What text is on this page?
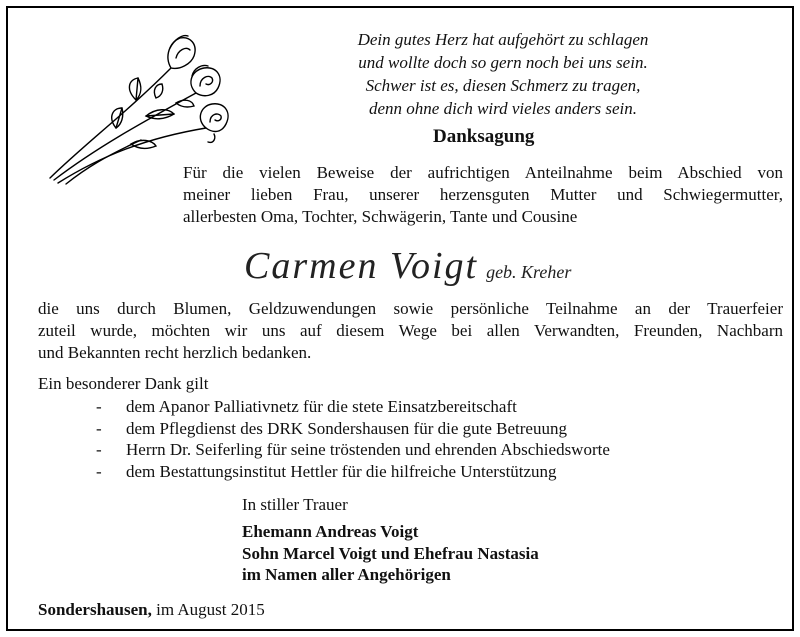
Dein gutes Herz hat aufgehört zu schlagen
und wollte doch so gern noch bei uns sein.
Schwer ist es, diesen Schmerz zu tragen,
denn ohne dich wird vieles anders sein.
Danksagung
Für die vielen Beweise der aufrichtigen Anteilnahme beim Abschied von
meiner lieben Frau, unserer herzensguten Mutter und Schwiegermutter,
allerbesten Oma, Tochter, Schwägerin, Tante und Cousine
Carmen Voigt geb. Kreher
die uns durch Blumen, Geldzuwendungen sowie persönliche Teilnahme an der Trauerfeier
zuteil wurde, möchten wir uns auf diesem Wege bei allen Verwandten, Freunden, Nachbarn
und Bekannten recht herzlich bedanken.
Ein besonderer Dank gilt
- dem Apanor Palliativnetz für die stete Einsatzbereitschaft
- dem Pflegdienst des DRK Sondershausen für die gute Betreuung
- Herrn Dr. Seiferling für seine tröstenden und ehrenden Abschiedsworte
- dem Bestattungsinstitut Hettler für die hilfreiche Unterstützung
In stiller Trauer
Ehemann Andreas Voigt
Sohn Marcel Voigt und Ehefrau Nastasia
im Namen aller Angehörigen
Sondershausen, im August 2015
